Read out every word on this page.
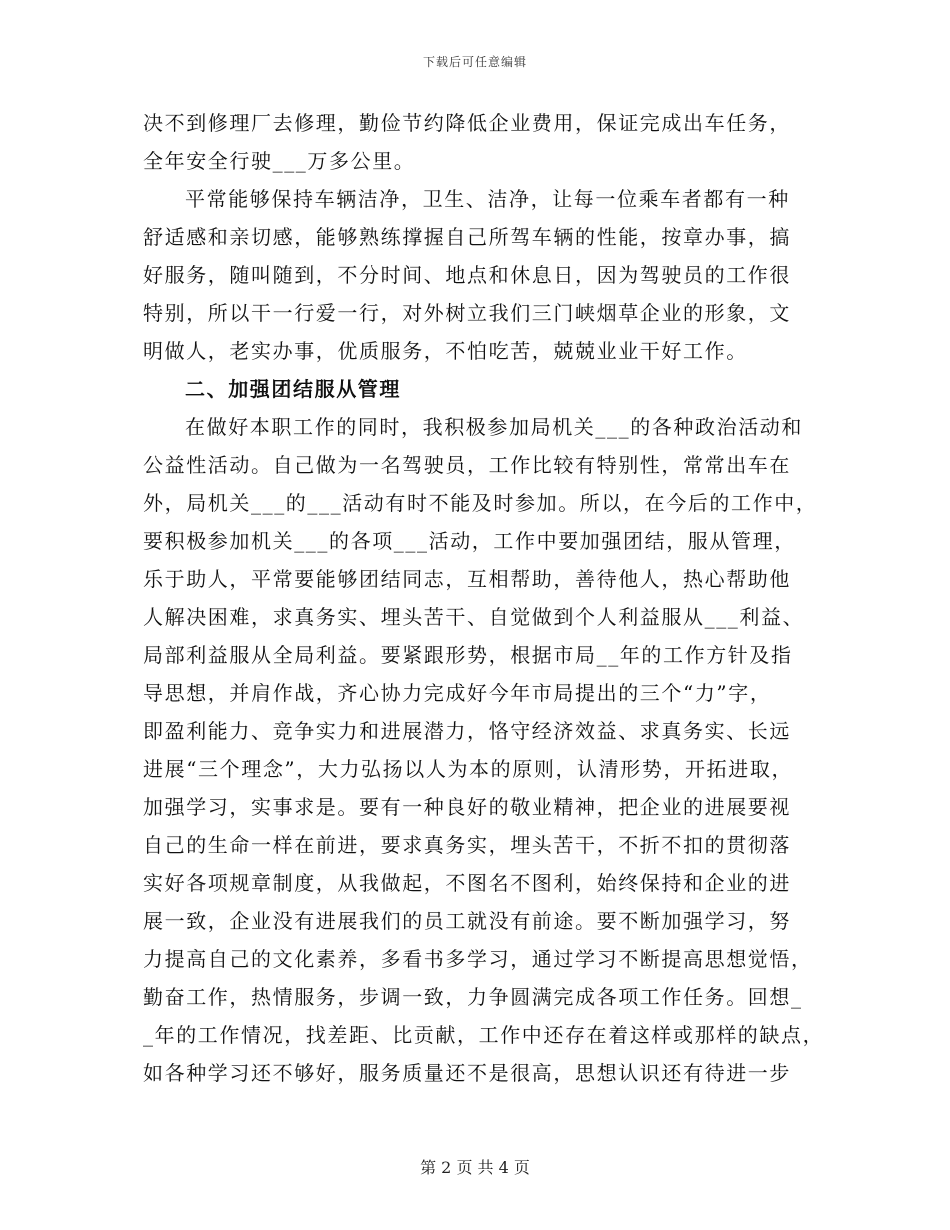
下载后可任意编辑
决不到修理厂去修理，勤俭节约降低企业费用，保证完成出车任务，
全年安全行驶___万多公里。
平常能够保持车辆洁净，卫生、洁净，让每一位乘车者都有一种
舒适感和亲切感，能够熟练撑握自己所驾车辆的性能，按章办事，搞
好服务，随叫随到，不分时间、地点和休息日，因为驾驶员的工作很
特别，所以干一行爱一行，对外树立我们三门峡烟草企业的形象，文
明做人，老实办事，优质服务，不怕吃苦，兢兢业业干好工作。
二、加强团结服从管理
在做好本职工作的同时，我积极参加局机关___的各种政治活动和
公益性活动。自己做为一名驾驶员，工作比较有特别性，常常出车在
外，局机关___的___活动有时不能及时参加。所以，在今后的工作中，
要积极参加机关___的各项___活动，工作中要加强团结，服从管理，
乐于助人，平常要能够团结同志，互相帮助，善待他人，热心帮助他
人解决困难，求真务实、埋头苦干、自觉做到个人利益服从___利益、
局部利益服从全局利益。要紧跟形势，根据市局__年的工作方针及指
导思想，并肩作战，齐心协力完成好今年市局提出的三个“力”字，
即盈利能力、竞争实力和进展潜力，恪守经济效益、求真务实、长远
进展“三个理念”，大力弘扬以人为本的原则，认清形势，开拓进取，
加强学习，实事求是。要有一种良好的敬业精神，把企业的进展要视
自己的生命一样在前进，要求真务实，埋头苦干，不折不扣的贯彻落
实好各项规章制度，从我做起，不图名不图利，始终保持和企业的进
展一致，企业没有进展我们的员工就没有前途。要不断加强学习，努
力提高自己的文化素养，多看书多学习，通过学习不断提高思想觉悟，
勤奋工作，热情服务，步调一致，力争圆满完成各项工作任务。回想_
_年的工作情况，找差距、比贡献，工作中还存在着这样或那样的缺点，
如各种学习还不够好，服务质量还不是很高，思想认识还有待进一步
第 2 页 共 4 页
